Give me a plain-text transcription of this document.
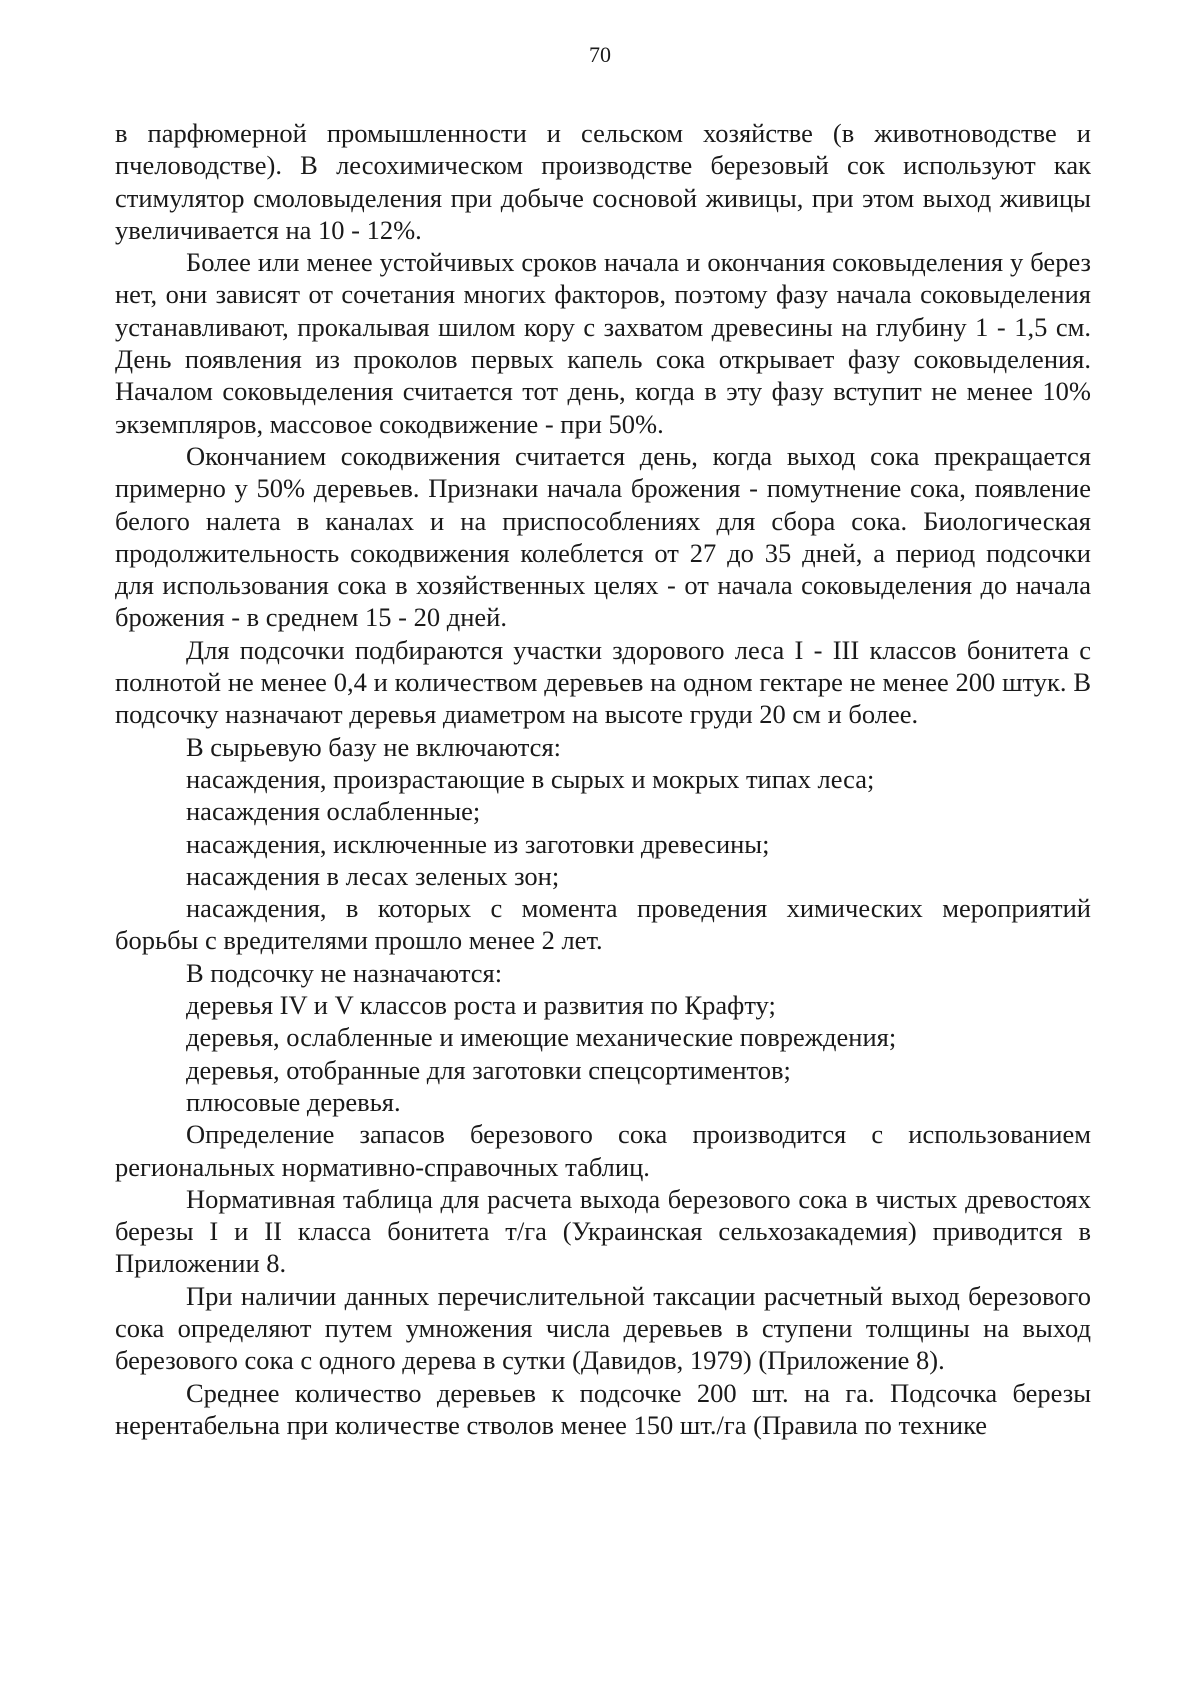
70

в парфюмерной промышленности и сельском хозяйстве (в животноводстве и пчеловодстве). В лесохимическом производстве березовый сок используют как стимулятор смоловыделения при добыче сосновой живицы, при этом выход живицы увеличивается на 10 - 12%.

Более или менее устойчивых сроков начала и окончания соковыделения у берез нет, они зависят от сочетания многих факторов, поэтому фазу начала соковыделения устанавливают, прокалывая шилом кору с захватом древесины на глубину 1 - 1,5 см. День появления из проколов первых капель сока открывает фазу соковыделения. Началом соковыделения считается тот день, когда в эту фазу вступит не менее 10% экземпляров, массовое сокодвижение - при 50%.

Окончанием сокодвижения считается день, когда выход сока прекращается примерно у 50% деревьев. Признаки начала брожения - помутнение сока, появление белого налета в каналах и на приспособлениях для сбора сока. Биологическая продолжительность сокодвижения колеблется от 27 до 35 дней, а период подсочки для использования сока в хозяйственных целях - от начала соковыделения до начала брожения - в среднем 15 - 20 дней.

Для подсочки подбираются участки здорового леса I - III классов бонитета с полнотой не менее 0,4 и количеством деревьев на одном гектаре не менее 200 штук. В подсочку назначают деревья диаметром на высоте груди 20 см и более.

В сырьевую базу не включаются:

насаждения, произрастающие в сырых и мокрых типах леса;

насаждения ослабленные;

насаждения, исключенные из заготовки древесины;

насаждения в лесах зеленых зон;

насаждения, в которых с момента проведения химических мероприятий борьбы с вредителями прошло менее 2 лет.

В подсочку не назначаются:

деревья IV и V классов роста и развития по Крафту;

деревья, ослабленные и имеющие механические повреждения;

деревья, отобранные для заготовки спецсортиментов;

плюсовые деревья.

Определение запасов березового сока производится с использованием региональных нормативно-справочных таблиц.

Нормативная таблица для расчета выхода березового сока в чистых древостоях березы I и II класса бонитета т/га (Украинская сельхозакадемия) приводится в Приложении 8.

При наличии данных перечислительной таксации расчетный выход березового сока определяют путем умножения числа деревьев в ступени толщины на выход березового сока с одного дерева в сутки (Давидов, 1979) (Приложение 8).

Среднее количество деревьев к подсочке 200 шт. на га. Подсочка березы нерентабельна при количестве стволов менее 150 шт./га (Правила по технике
